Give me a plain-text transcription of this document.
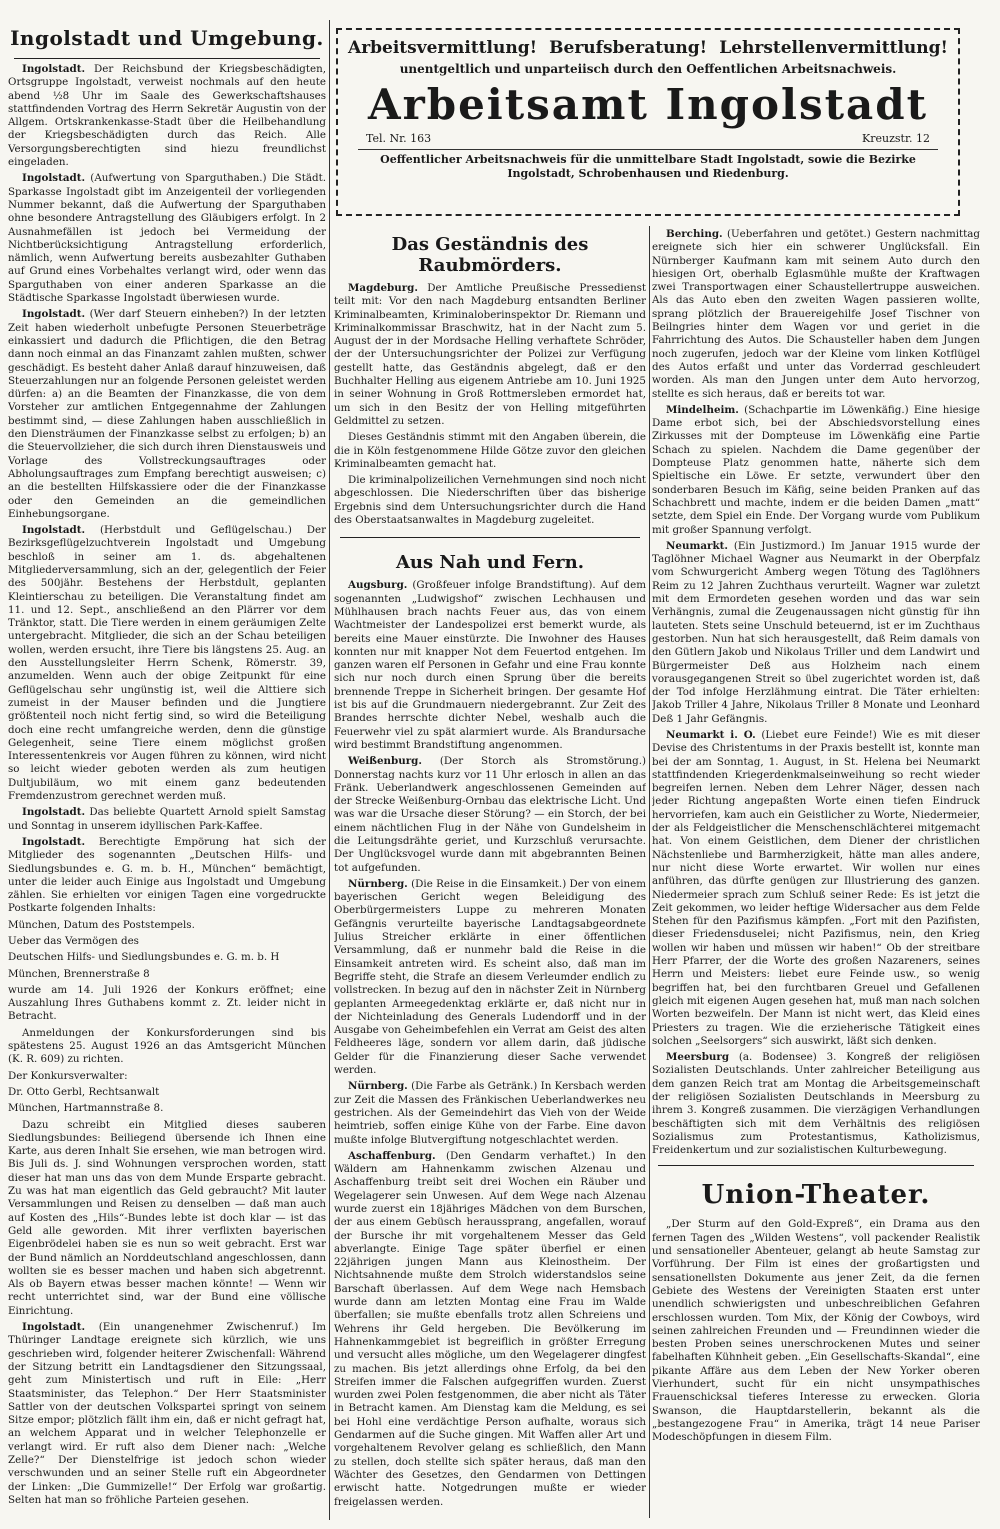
Ingolstadt und Umgebung.

Ingolstadt. Der Reichsbund der Kriegsbeschädigten, Ortsgruppe Ingolstadt, verweist nochmals auf den heute abend ½8 Uhr im Saale des Gewerkschaftshauses stattfindenden Vortrag des Herrn Sekretär Augustin von der Allgem. Ortskrankenkasse-Stadt über die Heilbehandlung der Kriegsbeschädigten durch das Reich. Alle Versorgungsberechtigten sind hiezu freundlichst eingeladen.

Ingolstadt. (Aufwertung von Sparguthaben.) Die Städt. Sparkasse Ingolstadt gibt im Anzeigenteil der vorliegenden Nummer bekannt, daß die Aufwertung der Sparguthaben ohne besondere Antragstellung des Gläubigers erfolgt. In 2 Ausnahmefällen ist jedoch bei Vermeidung der Nichtberücksichtigung Antragstellung erforderlich, nämlich, wenn Aufwertung bereits ausbezahlter Guthaben auf Grund eines Vorbehaltes verlangt wird, oder wenn das Sparguthaben von einer anderen Sparkasse an die Städtische Sparkasse Ingolstadt überwiesen wurde.

Ingolstadt. (Wer darf Steuern einheben?) In der letzten Zeit haben wiederholt unbefugte Personen Steuerbeträge einkassiert und dadurch die Pflichtigen, die den Betrag dann noch einmal an das Finanzamt zahlen mußten, schwer geschädigt. Es besteht daher Anlaß darauf hinzuweisen, daß Steuerzahlungen nur an folgende Personen geleistet werden dürfen: a) an die Beamten der Finanzkasse, die von dem Vorsteher zur amtlichen Entgegennahme der Zahlungen bestimmt sind, — diese Zahlungen haben ausschließlich in den Diensträumen der Finanzkasse selbst zu erfolgen; b) an die Steuervollzieher, die sich durch ihren Dienstausweis und Vorlage des Vollstreckungsauftrages oder Abholungsauftrages zum Empfang berechtigt ausweisen; c) an die bestellten Hilfskassiere oder die der Finanzkasse oder den Gemeinden an die gemeindlichen Einhebungsorgane.

Ingolstadt. (Herbstdult und Geflügelschau.) Der Bezirksgeflügelzuchtverein Ingolstadt und Umgebung beschloß in seiner am 1. ds. abgehaltenen Mitgliederversammlung, sich an der, gelegentlich der Feier des 500jähr. Bestehens der Herbstdult, geplanten Kleintierschau zu beteiligen. Die Veranstaltung findet am 11. und 12. Sept., anschließend an den Plärrer vor dem Tränktor, statt. Die Tiere werden in einem geräumigen Zelte untergebracht. Mitglieder, die sich an der Schau beteiligen wollen, werden ersucht, ihre Tiere bis längstens 25. Aug. an den Ausstellungsleiter Herrn Schenk, Römerstr. 39, anzumelden. Wenn auch der obige Zeitpunkt für eine Geflügelschau sehr ungünstig ist, weil die Alttiere sich zumeist in der Mauser befinden und die Jungtiere größtenteil noch nicht fertig sind, so wird die Beteiligung doch eine recht umfangreiche werden, denn die günstige Gelegenheit, seine Tiere einem möglichst großen Interessentenkreis vor Augen führen zu können, wird nicht so leicht wieder geboten werden als zum heutigen Dultjubiläum, wo mit einem ganz bedeutenden Fremdenzustrom gerechnet werden muß.

Ingolstadt. Das beliebte Quartett Arnold spielt Samstag und Sonntag in unserem idyllischen Park-Kaffee.

Ingolstadt. Berechtigte Empörung hat sich der Mitglieder des sogenannten „Deutschen Hilfs- und Siedlungsbundes e. G. m. b. H., München“ bemächtigt, unter die leider auch Einige aus Ingolstadt und Umgebung zählen. Sie erhielten vor einigen Tagen eine vorgedruckte Postkarte folgenden Inhalts:

München, Datum des Poststempels.

Ueber das Vermögen des

Deutschen Hilfs- und Siedlungsbundes e. G. m. b. H

München, Brennerstraße 8

wurde am 14. Juli 1926 der Konkurs eröffnet; eine Auszahlung Ihres Guthabens kommt z. Zt. leider nicht in Betracht.

Anmeldungen der Konkursforderungen sind bis spätestens 25. August 1926 an das Amtsgericht München (K. R. 609) zu richten.

Der Konkursverwalter:

Dr. Otto Gerbl, Rechtsanwalt

München, Hartmannstraße 8.

Dazu schreibt ein Mitglied dieses sauberen Siedlungsbundes: Beiliegend übersende ich Ihnen eine Karte, aus deren Inhalt Sie ersehen, wie man betrogen wird. Bis Juli ds. J. sind Wohnungen versprochen worden, statt dieser hat man uns das von dem Munde Ersparte gebracht. Zu was hat man eigentlich das Geld gebraucht? Mit lauter Versammlungen und Reisen zu denselben — daß man auch auf Kosten des „Hils“-Bundes lebte ist doch klar — ist das Geld alle geworden. Mit ihrer verflixten bayerischen Eigenbrödelei haben sie es nun so weit gebracht. Erst war der Bund nämlich an Norddeutschland angeschlossen, dann wollten sie es besser machen und haben sich abgetrennt. Als ob Bayern etwas besser machen könnte! — Wenn wir recht unterrichtet sind, war der Bund eine völlische Einrichtung.

Ingolstadt. (Ein unangenehmer Zwischenruf.) Im Thüringer Landtage ereignete sich kürzlich, wie uns geschrieben wird, folgender heiterer Zwischenfall: Während der Sitzung betritt ein Landtagsdiener den Sitzungssaal, geht zum Ministertisch und ruft in Eile: „Herr Staatsminister, das Telephon.“ Der Herr Staatsminister Sattler von der deutschen Volkspartei springt von seinem Sitze empor; plötzlich fällt ihm ein, daß er nicht gefragt hat, an welchem Apparat und in welcher Telephonzelle er verlangt wird. Er ruft also dem Diener nach: „Welche Zelle?“ Der Dienstelfrige ist jedoch schon wieder verschwunden und an seiner Stelle ruft ein Abgeordneter der Linken: „Die Gummizelle!“ Der Erfolg war großartig. Selten hat man so fröhliche Parteien gesehen.

Arbeitsvermittlung! Berufsberatung! Lehrstellenvermittlung!
unentgeltlich und unparteiisch durch den Oeffentlichen Arbeitsnachweis.
Arbeitsamt Ingolstadt
Tel. Nr. 163	Kreuzstr. 12
Oeffentlicher Arbeitsnachweis für die unmittelbare Stadt Ingolstadt, sowie die Bezirke Ingolstadt, Schrobenhausen und Riedenburg.
Das Geständnis des Raubmörders.

Magdeburg. Der Amtliche Preußische Pressedienst teilt mit: Vor den nach Magdeburg entsandten Berliner Kriminalbeamten, Kriminaloberinspektor Dr. Riemann und Kriminalkommissar Braschwitz, hat in der Nacht zum 5. August der in der Mordsache Helling verhaftete Schröder, der der Untersuchungsrichter der Polizei zur Verfügung gestellt hatte, das Geständnis abgelegt, daß er den Buchhalter Helling aus eigenem Antriebe am 10. Juni 1925 in seiner Wohnung in Groß Rottmersleben ermordet hat, um sich in den Besitz der von Helling mitgeführten Geldmittel zu setzen.

Dieses Geständnis stimmt mit den Angaben überein, die die in Köln festgenommene Hilde Götze zuvor den gleichen Kriminalbeamten gemacht hat.

Die kriminalpolizeilichen Vernehmungen sind noch nicht abgeschlossen. Die Niederschriften über das bisherige Ergebnis sind dem Untersuchungsrichter durch die Hand des Oberstaatsanwaltes in Magdeburg zugeleitet.

Aus Nah und Fern.

Augsburg. (Großfeuer infolge Brandstiftung). Auf dem sogenannten „Ludwigshof“ zwischen Lechhausen und Mühlhausen brach nachts Feuer aus, das von einem Wachtmeister der Landespolizei erst bemerkt wurde, als bereits eine Mauer einstürzte. Die Inwohner des Hauses konnten nur mit knapper Not dem Feuertod entgehen. Im ganzen waren elf Personen in Gefahr und eine Frau konnte sich nur noch durch einen Sprung über die bereits brennende Treppe in Sicherheit bringen. Der gesamte Hof ist bis auf die Grundmauern niedergebrannt. Zur Zeit des Brandes herrschte dichter Nebel, weshalb auch die Feuerwehr viel zu spät alarmiert wurde. Als Brandursache wird bestimmt Brandstiftung angenommen.

Weißenburg. (Der Storch als Stromstörung.) Donnerstag nachts kurz vor 11 Uhr erlosch in allen an das Fränk. Ueberlandwerk angeschlossenen Gemeinden auf der Strecke Weißenburg-Ornbau das elektrische Licht. Und was war die Ursache dieser Störung? — ein Storch, der bei einem nächtlichen Flug in der Nähe von Gundelsheim in die Leitungsdrähte geriet, und Kurzschluß verursachte. Der Unglücksvogel wurde dann mit abgebrannten Beinen tot aufgefunden.

Nürnberg. (Die Reise in die Einsamkeit.) Der von einem bayerischen Gericht wegen Beleidigung des Oberbürgermeisters Luppe zu mehreren Monaten Gefängnis verurteilte bayerische Landtagsabgeordnete Julius Streicher erklärte in einer öffentlichen Versammlung, daß er nunmehr bald die Reise in die Einsamkeit antreten wird. Es scheint also, daß man im Begriffe steht, die Strafe an diesem Verleumder endlich zu vollstrecken. In bezug auf den in nächster Zeit in Nürnberg geplanten Armeegedenktag erklärte er, daß nicht nur in der Nichteinladung des Generals Ludendorff und in der Ausgabe von Geheimbefehlen ein Verrat am Geist des alten Feldheeres läge, sondern vor allem darin, daß jüdische Gelder für die Finanzierung dieser Sache verwendet werden.

Nürnberg. (Die Farbe als Getränk.) In Kersbach werden zur Zeit die Massen des Fränkischen Ueberlandwerkes neu gestrichen. Als der Gemeindehirt das Vieh von der Weide heimtrieb, soffen einige Kühe von der Farbe. Eine davon mußte infolge Blutvergiftung notgeschlachtet werden.

Aschaffenburg. (Den Gendarm verhaftet.) In den Wäldern am Hahnenkamm zwischen Alzenau und Aschaffenburg treibt seit drei Wochen ein Räuber und Wegelagerer sein Unwesen. Auf dem Wege nach Alzenau wurde zuerst ein 18jähriges Mädchen von dem Burschen, der aus einem Gebüsch heraussprang, angefallen, worauf der Bursche ihr mit vorgehaltenem Messer das Geld abverlangte. Einige Tage später überfiel er einen 22jährigen jungen Mann aus Kleinostheim. Der Nichtsahnende mußte dem Strolch widerstandslos seine Barschaft überlassen. Auf dem Wege nach Hemsbach wurde dann am letzten Montag eine Frau im Walde überfallen; sie mußte ebenfalls trotz allen Schreiens und Wehrens ihr Geld hergeben. Die Bevölkerung im Hahnenkammgebiet ist begreiflich in größter Erregung und versucht alles mögliche, um den Wegelagerer dingfest zu machen. Bis jetzt allerdings ohne Erfolg, da bei den Streifen immer die Falschen aufgegriffen wurden. Zuerst wurden zwei Polen festgenommen, die aber nicht als Täter in Betracht kamen. Am Dienstag kam die Meldung, es sei bei Hohl eine verdächtige Person aufhalte, woraus sich Gendarmen auf die Suche gingen. Mit Waffen aller Art und vorgehaltenem Revolver gelang es schließlich, den Mann zu stellen, doch stellte sich später heraus, daß man den Wächter des Gesetzes, den Gendarmen von Dettingen erwischt hatte. Notgedrungen mußte er wieder freigelassen werden.

Berching. (Ueberfahren und getötet.) Gestern nachmittag ereignete sich hier ein schwerer Unglücksfall. Ein Nürnberger Kaufmann kam mit seinem Auto durch den hiesigen Ort, oberhalb Eglasmühle mußte der Kraftwagen zwei Transportwagen einer Schaustellertruppe ausweichen. Als das Auto eben den zweiten Wagen passieren wollte, sprang plötzlich der Brauereigehilfe Josef Tischner von Beilngries hinter dem Wagen vor und geriet in die Fahrrichtung des Autos. Die Schausteller haben dem Jungen noch zugerufen, jedoch war der Kleine vom linken Kotflügel des Autos erfaßt und unter das Vorderrad geschleudert worden. Als man den Jungen unter dem Auto hervorzog, stellte es sich heraus, daß er bereits tot war.

Mindelheim. (Schachpartie im Löwenkäfig.) Eine hiesige Dame erbot sich, bei der Abschiedsvorstellung eines Zirkusses mit der Dompteuse im Löwenkäfig eine Partie Schach zu spielen. Nachdem die Dame gegenüber der Dompteuse Platz genommen hatte, näherte sich dem Spieltische ein Löwe. Er setzte, verwundert über den sonderbaren Besuch im Käfig, seine beiden Pranken auf das Schachbrett und machte, indem er die beiden Damen „matt“ setzte, dem Spiel ein Ende. Der Vorgang wurde vom Publikum mit großer Spannung verfolgt.

Neumarkt. (Ein Justizmord.) Im Januar 1915 wurde der Taglöhner Michael Wagner aus Neumarkt in der Oberpfalz vom Schwurgericht Amberg wegen Tötung des Taglöhners Reim zu 12 Jahren Zuchthaus verurteilt. Wagner war zuletzt mit dem Ermordeten gesehen worden und das war sein Verhängnis, zumal die Zeugenaussagen nicht günstig für ihn lauteten. Stets seine Unschuld beteuernd, ist er im Zuchthaus gestorben. Nun hat sich herausgestellt, daß Reim damals von den Gütlern Jakob und Nikolaus Triller und dem Landwirt und Bürgermeister Deß aus Holzheim nach einem vorausgegangenen Streit so übel zugerichtet worden ist, daß der Tod infolge Herzlähmung eintrat. Die Täter erhielten: Jakob Triller 4 Jahre, Nikolaus Triller 8 Monate und Leonhard Deß 1 Jahr Gefängnis.

Neumarkt i. O. (Liebet eure Feinde!) Wie es mit dieser Devise des Christentums in der Praxis bestellt ist, konnte man bei der am Sonntag, 1. August, in St. Helena bei Neumarkt stattfindenden Kriegerdenkmalseinweihung so recht wieder begreifen lernen. Neben dem Lehrer Näger, dessen nach jeder Richtung angepaßten Worte einen tiefen Eindruck hervorriefen, kam auch ein Geistlicher zu Worte, Niedermeier, der als Feldgeistlicher die Menschenschlächterei mitgemacht hat. Von einem Geistlichen, dem Diener der christlichen Nächstenliebe und Barmherzigkeit, hätte man alles andere, nur nicht diese Worte erwartet. Wir wollen nur eines anführen, das dürfte genügen zur Illustrierung des ganzen. Niedermeier sprach zum Schluß seiner Rede: Es ist jetzt die Zeit gekommen, wo leider heftige Widersacher aus dem Felde Stehen für den Pazifismus kämpfen. „Fort mit den Pazifisten, dieser Friedensduselei; nicht Pazifismus, nein, den Krieg wollen wir haben und müssen wir haben!“ Ob der streitbare Herr Pfarrer, der die Worte des großen Nazareners, seines Herrn und Meisters: liebet eure Feinde usw., so wenig begriffen hat, bei den furchtbaren Greuel und Gefallenen gleich mit eigenen Augen gesehen hat, muß man nach solchen Worten bezweifeln. Der Mann ist nicht wert, das Kleid eines Priesters zu tragen. Wie die erzieherische Tätigkeit eines solchen „Seelsorgers“ sich auswirkt, läßt sich denken.

Meersburg (a. Bodensee) 3. Kongreß der religiösen Sozialisten Deutschlands. Unter zahlreicher Beteiligung aus dem ganzen Reich trat am Montag die Arbeitsgemeinschaft der religiösen Sozialisten Deutschlands in Meersburg zu ihrem 3. Kongreß zusammen. Die vierzägigen Verhandlungen beschäftigten sich mit dem Verhältnis des religiösen Sozialismus zum Protestantismus, Katholizismus, Freidenkertum und zur sozialistischen Kulturbewegung.

Union-Theater.

„Der Sturm auf den Gold-Expreß“, ein Drama aus den fernen Tagen des „Wilden Westens“, voll packender Realistik und sensationeller Abenteuer, gelangt ab heute Samstag zur Vorführung. Der Film ist eines der großartigsten und sensationellsten Dokumente aus jener Zeit, da die fernen Gebiete des Westens der Vereinigten Staaten erst unter unendlich schwierigsten und unbeschreiblichen Gefahren erschlossen wurden. Tom Mix, der König der Cowboys, wird seinen zahlreichen Freunden und — Freundinnen wieder die besten Proben seines unerschrockenen Mutes und seiner fabelhaften Kühnheit geben. „Ein Gesellschafts-Skandal“, eine pikante Affäre aus dem Leben der New Yorker oberen Vierhundert, sucht für ein nicht unsympathisches Frauenschicksal tieferes Interesse zu erwecken. Gloria Swanson, die Hauptdarstellerin, bekannt als die „bestangezogene Frau“ in Amerika, trägt 14 neue Pariser Modeschöpfungen in diesem Film.
